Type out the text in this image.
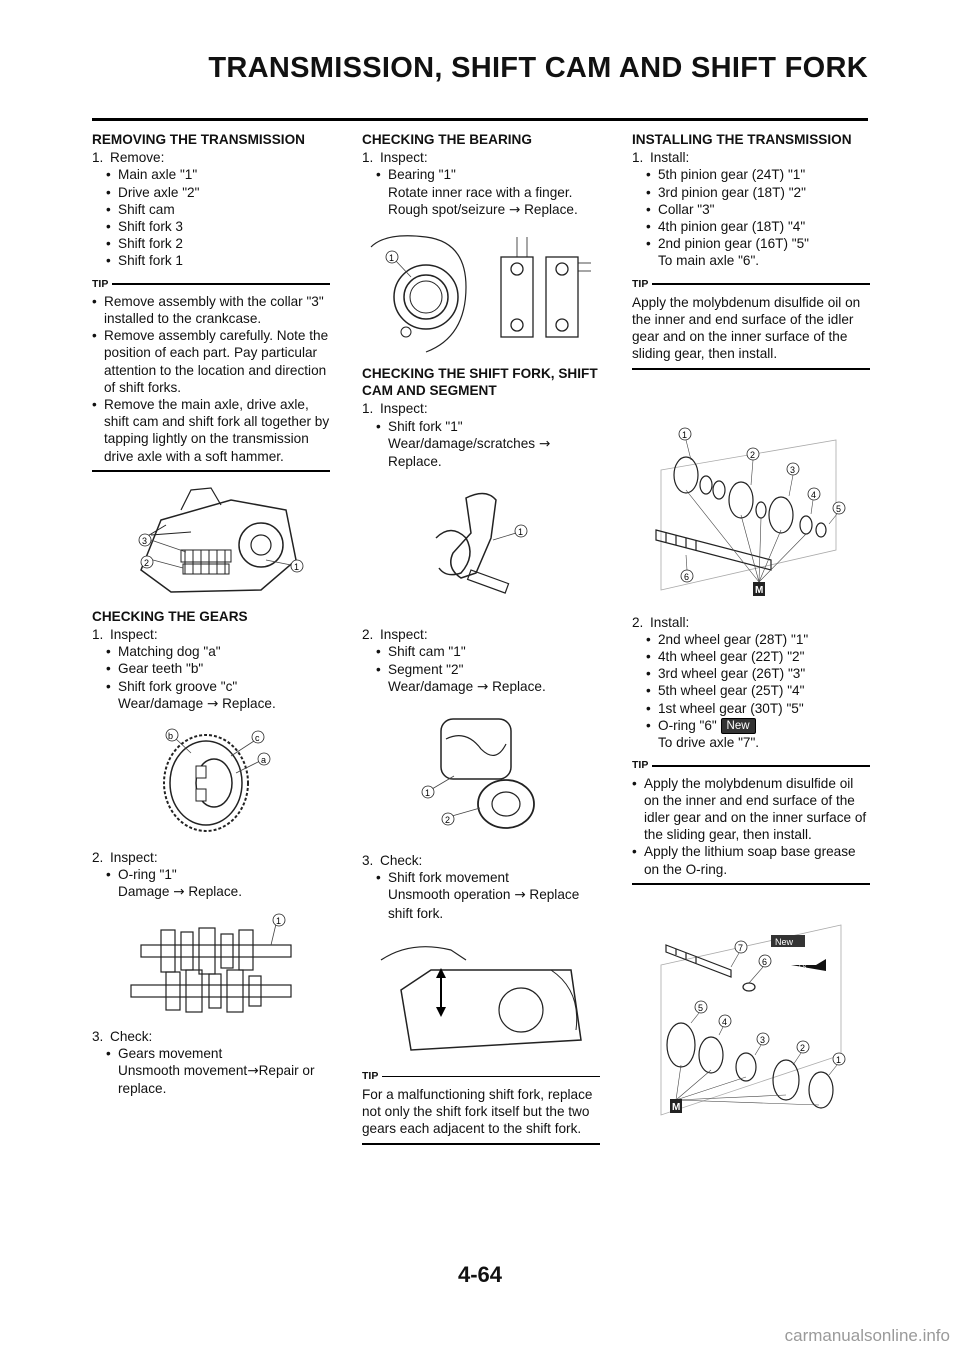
TRANSMISSION, SHIFT CAM AND SHIFT FORK
REMOVING THE TRANSMISSION
1. Remove:
• Main axle "1"
• Drive axle "2"
• Shift cam
• Shift fork 3
• Shift fork 2
• Shift fork 1
TIP
• Remove assembly with the collar "3" installed to the crankcase.
• Remove assembly carefully. Note the position of each part. Pay particular attention to the location and direction of shift forks.
• Remove the main axle, drive axle, shift cam and shift fork all together by tapping lightly on the transmission drive axle with a soft hammer.
3
2	1
CHECKING THE GEARS
1. Inspect:
• Matching dog "a"
• Gear teeth "b"
• Shift fork groove "c"
Wear/damage → Replace.
b	c
a
2. Inspect:
• O-ring "1"
Damage → Replace.
1
3. Check:
• Gears movement
Unsmooth movement→Repair or replace.
CHECKING THE BEARING
1. Inspect:
• Bearing "1"
Rotate inner race with a finger.
Rough spot/seizure → Replace.
1
CHECKING THE SHIFT FORK, SHIFT CAM AND SEGMENT
1. Inspect:
• Shift fork "1"
Wear/damage/scratches → Replace.
1
2. Inspect:
• Shift cam "1"
• Segment "2"
Wear/damage → Replace.
1
2
3. Check:
• Shift fork movement
Unsmooth operation → Replace shift fork.
TIP
For a malfunctioning shift fork, replace not only the shift fork itself but the two gears each adjacent to the shift fork.
INSTALLING THE TRANSMISSION
1. Install:
• 5th pinion gear (24T) "1"
• 3rd pinion gear (18T) "2"
• Collar "3"
• 4th pinion gear (18T) "4"
• 2nd pinion gear (16T) "5"
To main axle "6".
TIP
Apply the molybdenum disulfide oil on the inner and end surface of the idler gear and on the inner surface of the sliding gear, then install.
M
1
2
3
4
5
6
2. Install:
• 2nd wheel gear (28T) "1"
• 4th wheel gear (22T) "2"
• 3rd wheel gear (26T) "3"
• 5th wheel gear (25T) "4"
• 1st wheel gear (30T) "5"
• O-ring "6" New
To drive axle "7".
TIP
• Apply the molybdenum disulfide oil on the inner and end surface of the idler gear and on the inner surface of the sliding gear, then install.
• Apply the lithium soap base grease on the O-ring.
New
LS
M
7
6
5
4
3
2
1
4-64
carmanualsonline.info
